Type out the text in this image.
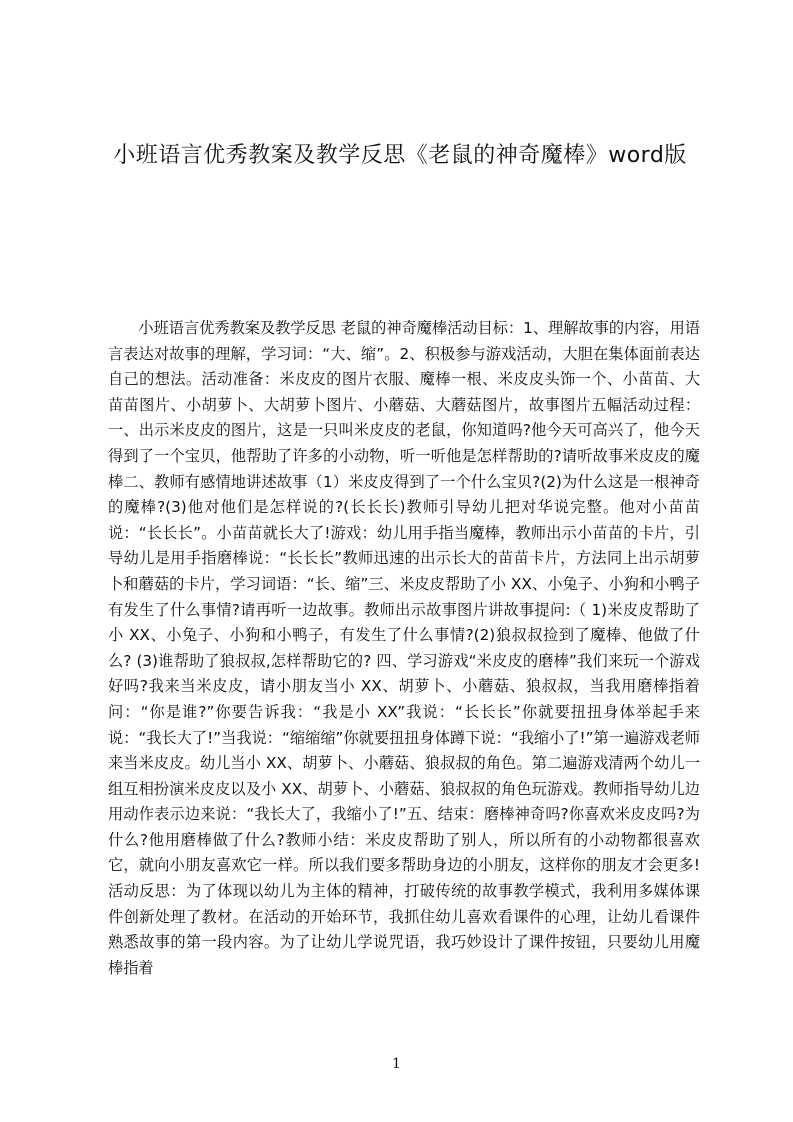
小班语言优秀教案及教学反思《老鼠的神奇魔棒》word版

小班语言优秀教案及教学反思 老鼠的神奇魔棒活动目标：1、理解故事的内容，用语言表达对故事的理解，学习词：“大、缩”。2、积极参与游戏活动，大胆在集体面前表达自己的想法。活动准备：米皮皮的图片衣服、魔棒一根、米皮皮头饰一个、小苗苗、大苗苗图片、小胡萝卜、大胡萝卜图片、小蘑菇、大蘑菇图片，故事图片五幅活动过程：一、出示米皮皮的图片，这是一只叫米皮皮的老鼠，你知道吗?他今天可高兴了，他今天得到了一个宝贝，他帮助了许多的小动物，听一听他是怎样帮助的?请听故事米皮皮的魔棒二、教师有感情地讲述故事（1）米皮皮得到了一个什么宝贝?(2)为什么这是一根神奇的魔棒?(3)他对他们是怎样说的?(长长长)教师引导幼儿把对华说完整。他对小苗苗说：“长长长”。小苗苗就长大了!游戏：幼儿用手指当魔棒，教师出示小苗苗的卡片，引导幼儿是用手指磨棒说：“长长长”教师迅速的出示长大的苗苗卡片，方法同上出示胡萝卜和蘑菇的卡片，学习词语：“长、缩”三、米皮皮帮助了小 XX、小兔子、小狗和小鸭子有发生了什么事情?请再听一边故事。教师出示故事图片讲故事提问:（ 1)米皮皮帮助了小 XX、小兔子、小狗和小鸭子，有发生了什么事情?(2)狼叔叔捡到了魔棒、他做了什么? (3)谁帮助了狼叔叔,怎样帮助它的? 四、学习游戏“米皮皮的磨棒”我们来玩一个游戏好吗?我来当米皮皮，请小朋友当小 XX、胡萝卜、小蘑菇、狼叔叔，当我用磨棒指着问：“你是谁?”你要告诉我：“我是小 XX”我说：“长长长”你就要扭扭身体举起手来说：“我长大了!”当我说：“缩缩缩”你就要扭扭身体蹲下说：“我缩小了!”第一遍游戏老师来当米皮皮。幼儿当小 XX、胡萝卜、小蘑菇、狼叔叔的角色。第二遍游戏清两个幼儿一组互相扮演米皮皮以及小 XX、胡萝卜、小蘑菇、狼叔叔的角色玩游戏。教师指导幼儿边用动作表示边来说：“我长大了，我缩小了!”五、结束：磨棒神奇吗?你喜欢米皮皮吗?为什么?他用磨棒做了什么?教师小结：米皮皮帮助了别人，所以所有的小动物都很喜欢它，就向小朋友喜欢它一样。所以我们要多帮助身边的小朋友，这样你的朋友才会更多!活动反思：为了体现以幼儿为主体的精神，打破传统的故事教学模式，我利用多媒体课件创新处理了教材。在活动的开始环节，我抓住幼儿喜欢看课件的心理，让幼儿看课件熟悉故事的第一段内容。为了让幼儿学说咒语，我巧妙设计了课件按钮，只要幼儿用魔棒指着

1
